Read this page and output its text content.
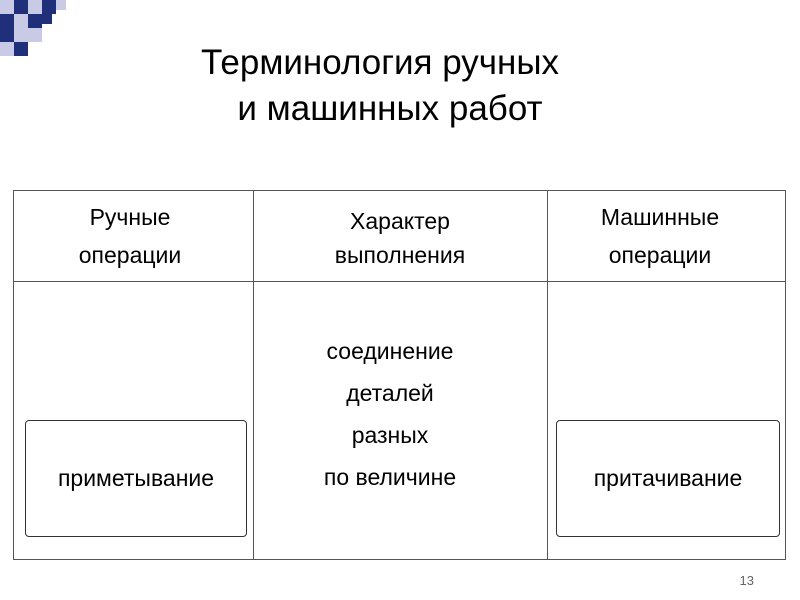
Терминология ручных
и машинных работ
Ручные
операции
Характер
выполнения
Машинные
операции
соединение
деталей
разных
по величине
приметывание	притачивание
13
